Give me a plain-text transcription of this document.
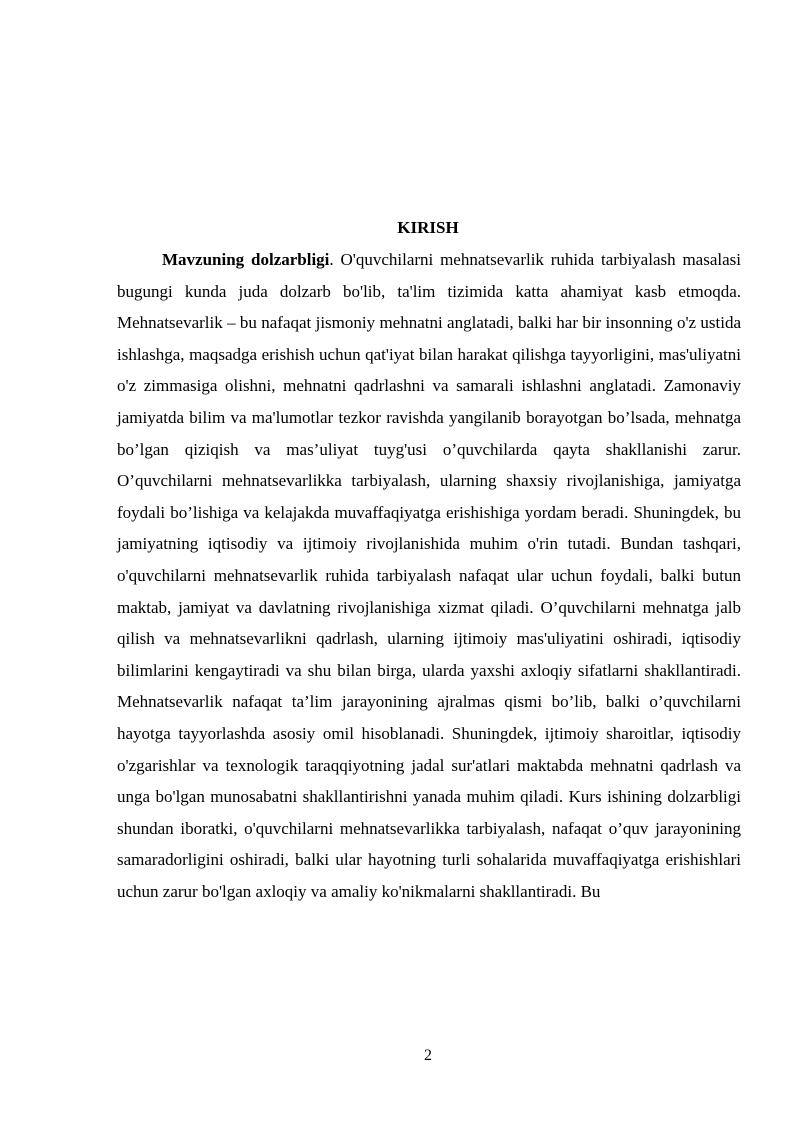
KIRISH

Mavzuning dolzarbligi. O'quvchilarni mehnatsevarlik ruhida tarbiyalash masalasi bugungi kunda juda dolzarb bo'lib, ta'lim tizimida katta ahamiyat kasb etmoqda. Mehnatsevarlik – bu nafaqat jismoniy mehnatni anglatadi, balki har bir insonning o'z ustida ishlashga, maqsadga erishish uchun qat'iyat bilan harakat qilishga tayyorligini, mas'uliyatni o'z zimmasiga olishni, mehnatni qadrlashni va samarali ishlashni anglatadi. Zamonaviy jamiyatda bilim va ma'lumotlar tezkor ravishda yangilanib borayotgan bo’lsada, mehnatga bo’lgan qiziqish va mas’uliyat tuyg'usi o’quvchilarda qayta shakllanishi zarur. O’quvchilarni mehnatsevarlikka tarbiyalash, ularning shaxsiy rivojlanishiga, jamiyatga foydali bo’lishiga va kelajakda muvaffaqiyatga erishishiga yordam beradi. Shuningdek, bu jamiyatning iqtisodiy va ijtimoiy rivojlanishida muhim o'rin tutadi. Bundan tashqari, o'quvchilarni mehnatsevarlik ruhida tarbiyalash nafaqat ular uchun foydali, balki butun maktab, jamiyat va davlatning rivojlanishiga xizmat qiladi. O’quvchilarni mehnatga jalb qilish va mehnatsevarlikni qadrlash, ularning ijtimoiy mas'uliyatini oshiradi, iqtisodiy bilimlarini kengaytiradi va shu bilan birga, ularda yaxshi axloqiy sifatlarni shakllantiradi. Mehnatsevarlik nafaqat ta’lim jarayonining ajralmas qismi bo’lib, balki o’quvchilarni hayotga tayyorlashda asosiy omil hisoblanadi. Shuningdek, ijtimoiy sharoitlar, iqtisodiy o'zgarishlar va texnologik taraqqiyotning jadal sur'atlari maktabda mehnatni qadrlash va unga bo'lgan munosabatni shakllantirishni yanada muhim qiladi. Kurs ishining dolzarbligi shundan iboratki, o'quvchilarni mehnatsevarlikka tarbiyalash, nafaqat o’quv jarayonining samaradorligini oshiradi, balki ular hayotning turli sohalarida muvaffaqiyatga erishishlari uchun zarur bo'lgan axloqiy va amaliy ko'nikmalarni shakllantiradi. Bu

2
